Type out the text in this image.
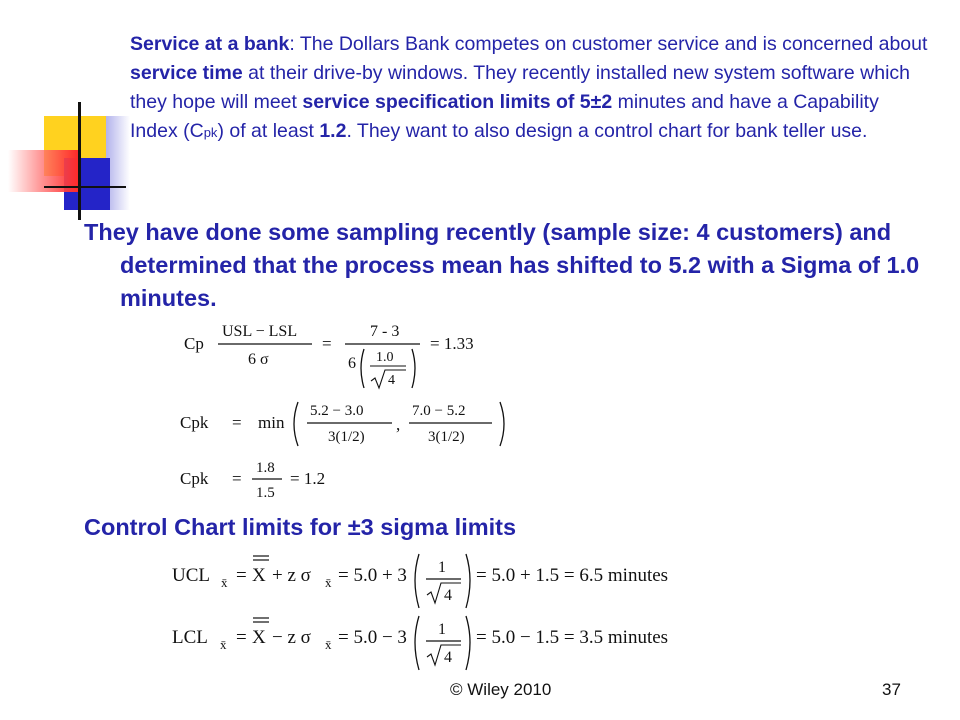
Service at a bank: The Dollars Bank competes on customer service and is concerned about service time at their drive-by windows. They recently installed new system software which they hope will meet service specification limits of 5±2 minutes and have a Capability Index (Cpk) of at least 1.2. They want to also design a control chart for bank teller use.

They have done some sampling recently (sample size: 4 customers) and determined that the process mean has shifted to 5.2 with a Sigma of 1.0 minutes.

Cp
USL − LSL
6 σ
=
7 - 3
6 1.0
4
= 1.33
Cpk = min
5.2 − 3.0
3(1/2)
,
7.0 − 5.2
3(1/2)
Cpk =
1.8
1.5
= 1.2

Control Chart limits for ±3 sigma limits

UCL x̄ = X + z σ x̄ = 5.0 + 3 1
4
= 5.0 + 1.5 = 6.5 minutes
LCL x̄ = X − z σ x̄ = 5.0 − 3 1
4
= 5.0 − 1.5 = 3.5 minutes
© Wiley 2010	37
